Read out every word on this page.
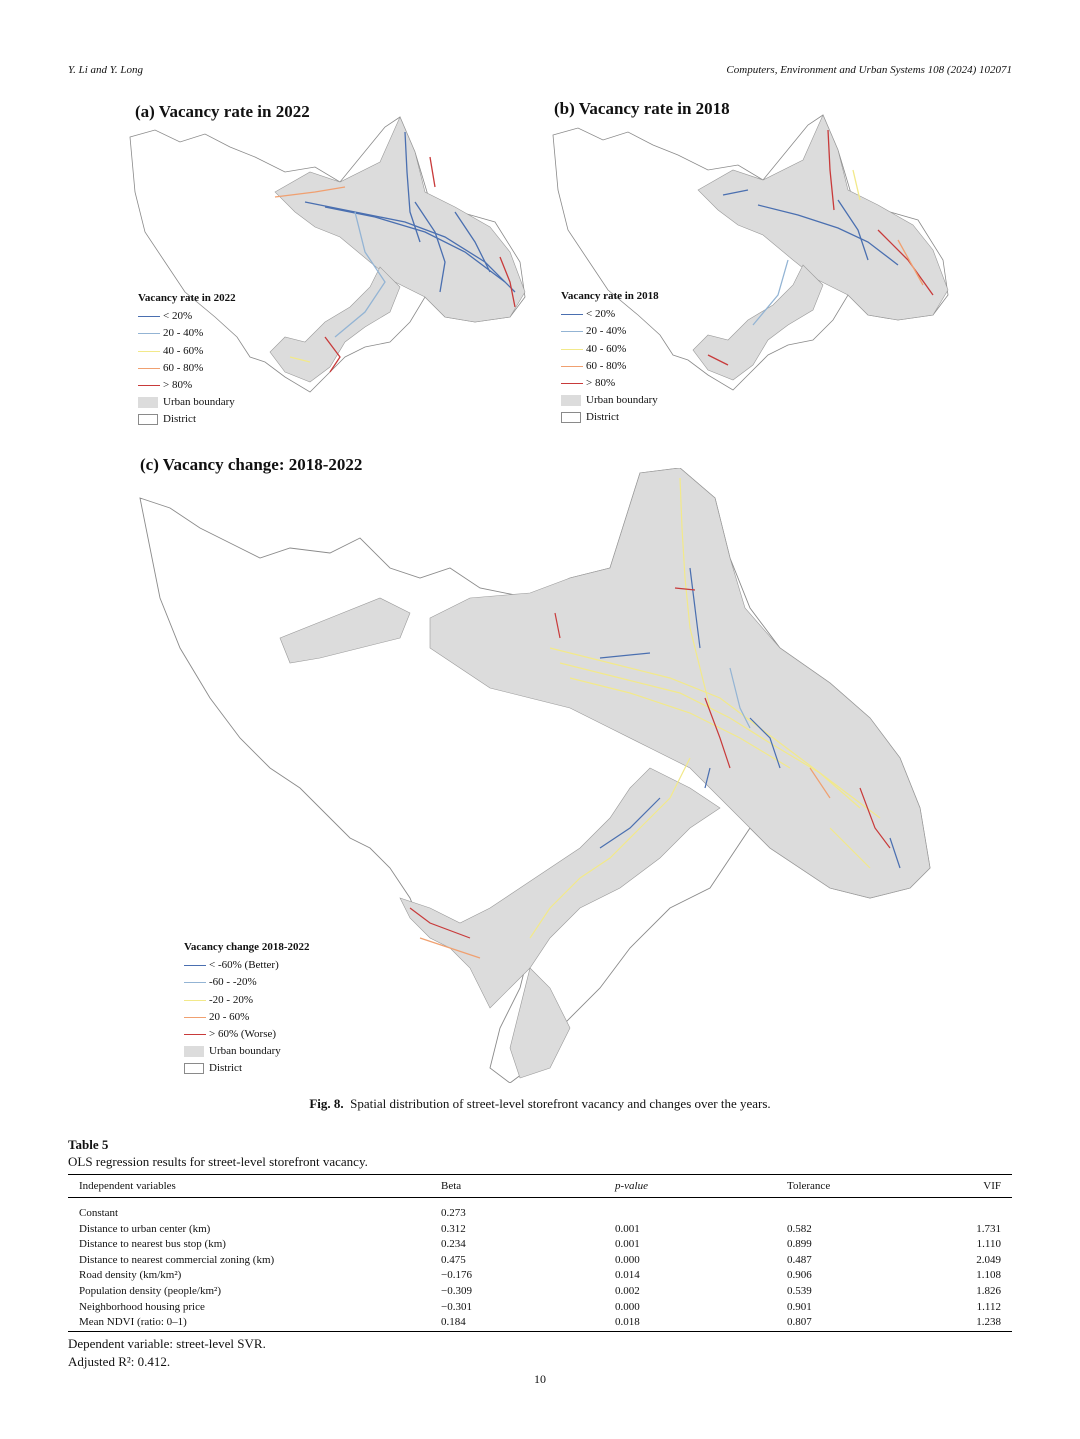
Y. Li and Y. Long	Computers, Environment and Urban Systems 108 (2024) 102071
(a) Vacancy rate in 2022
Vacancy rate in 2022
< 20%
20 - 40%
40 - 60%
60 - 80%
> 80%
Urban boundary
District
(b) Vacancy rate in 2018
Vacancy rate in 2018
< 20%
20 - 40%
40 - 60%
60 - 80%
> 80%
Urban boundary
District
(c) Vacancy change: 2018-2022
Vacancy change 2018-2022
< -60% (Better)
-60 - -20%
-20 - 20%
20 - 60%
> 60% (Worse)
Urban boundary
District
Fig. 8. Spatial distribution of street-level storefront vacancy and changes over the years.
Table 5
OLS regression results for street-level storefront vacancy.
Independent variables	Beta	p-value	Tolerance	VIF
Constant	0.273			
Distance to urban center (km)	0.312	0.001	0.582	1.731
Distance to nearest bus stop (km)	0.234	0.001	0.899	1.110
Distance to nearest commercial zoning (km)	0.475	0.000	0.487	2.049
Road density (km/km²)	−0.176	0.014	0.906	1.108
Population density (people/km²)	−0.309	0.002	0.539	1.826
Neighborhood housing price	−0.301	0.000	0.901	1.112
Mean NDVI (ratio: 0–1)	0.184	0.018	0.807	1.238
Dependent variable: street-level SVR.
Adjusted R²: 0.412.
10
